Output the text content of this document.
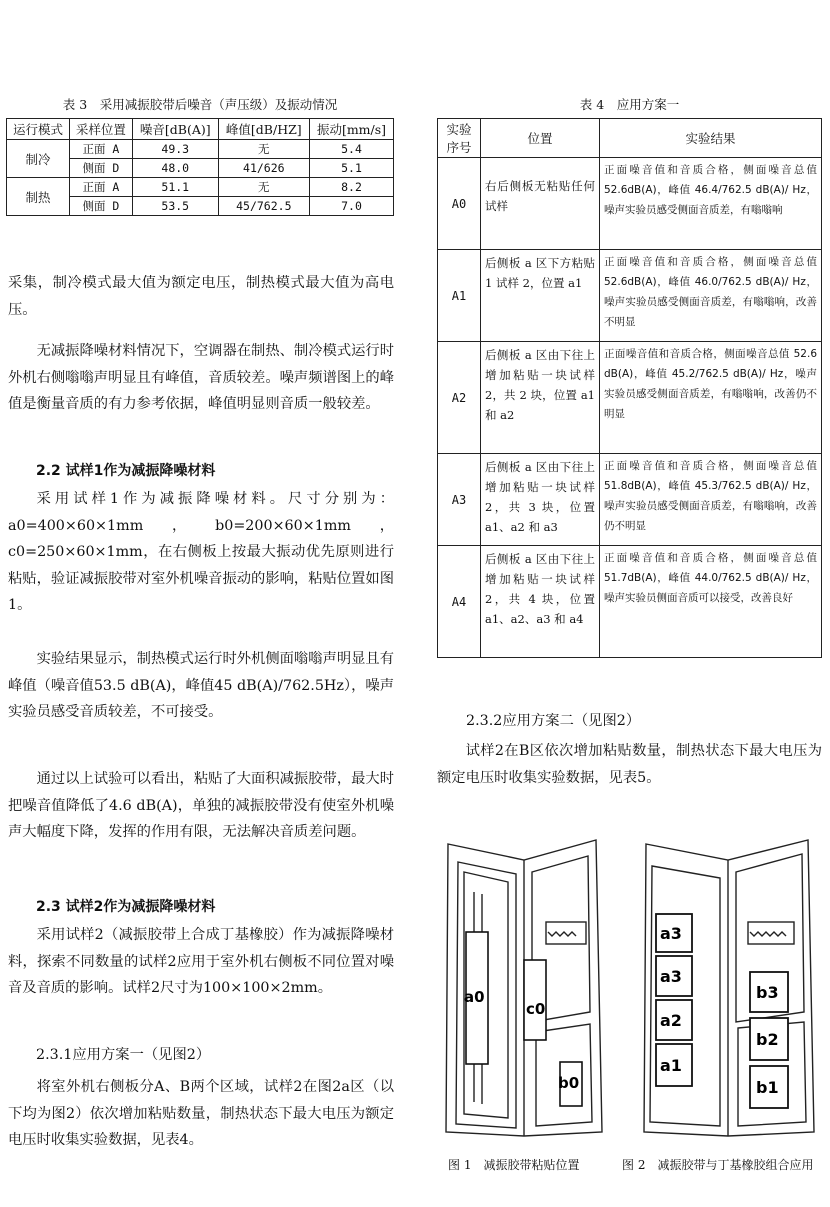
表 3　采用减振胶带后噪音（声压级）及振动情况
运行模式	采样位置	噪音[dB(A)]	峰值[dB/HZ]	振动[mm/s]
制冷	正面 A	49.3	无	5.4
	侧面 D	48.0	41/626	5.1
制热	正面 A	51.1	无	8.2
	侧面 D	53.5	45/762.5	7.0
表 4　应用方案一
实验序号	位置	实验结果
A0	右后侧板无粘贴任何试样	正面噪音值和音质合格，侧面噪音总值 52.6dB(A)，峰值 46.4/762.5 dB(A)/ Hz，噪声实验员感受侧面音质差，有嗡嗡响
A1	后侧板 a 区下方粘贴 1 试样 2，位置 a1	正面噪音值和音质合格，侧面噪音总值 52.6dB(A)，峰值 46.0/762.5 dB(A)/ Hz，噪声实验员感受侧面音质差，有嗡嗡响，改善不明显
A2	后侧板 a 区由下往上增加粘贴一块试样 2，共 2 块，位置 a1 和 a2	正面噪音值和音质合格，侧面噪音总值 52.6 dB(A)，峰值 45.2/762.5 dB(A)/ Hz，噪声实验员感受侧面音质差，有嗡嗡响，改善仍不明显
A3	后侧板 a 区由下往上增加粘贴一块试样 2，共 3 块，位置 a1、a2 和 a3	正面噪音值和音质合格，侧面噪音总值 51.8dB(A)，峰值 45.3/762.5 dB(A)/ Hz，噪声实验员感受侧面音质差，有嗡嗡响，改善仍不明显
A4	后侧板 a 区由下往上增加粘贴一块试样 2，共 4 块，位置 a1、a2、a3 和 a4	正面噪音值和音质合格，侧面噪音总值 51.7dB(A)，峰值 44.0/762.5 dB(A)/ Hz，噪声实验员侧面音质可以接受，改善良好
采集，制冷模式最大值为额定电压，制热模式最大值为高电压。
无减振降噪材料情况下，空调器在制热、制冷模式运行时外机右侧嗡嗡声明显且有峰值，音质较差。噪声频谱图上的峰值是衡量音质的有力参考依据，峰值明显则音质一般较差。
2.2 试样1作为减振降噪材料
采用试样1作为减振降噪材料。尺寸分别为：a0=400×60×1mm，b0=200×60×1mm，c0=250×60×1mm，在右侧板上按最大振动优先原则进行粘贴，验证减振胶带对室外机噪音振动的影响，粘贴位置如图1。
实验结果显示，制热模式运行时外机侧面嗡嗡声明显且有峰值（噪音值53.5 dB(A)，峰值45 dB(A)/762.5Hz），噪声实验员感受音质较差，不可接受。
通过以上试验可以看出，粘贴了大面积减振胶带，最大时把噪音值降低了4.6 dB(A)，单独的减振胶带没有使室外机噪声大幅度下降，发挥的作用有限，无法解决音质差问题。
2.3 试样2作为减振降噪材料
采用试样2（减振胶带上合成丁基橡胶）作为减振降噪材料，探索不同数量的试样2应用于室外机右侧板不同位置对噪音及音质的影响。试样2尺寸为100×100×2mm。
2.3.1应用方案一（见图2）
将室外机右侧板分A、B两个区域，试样2在图2a区（以下均为图2）依次增加粘贴数量，制热状态下最大电压为额定电压时收集实验数据，见表4。
2.3.2应用方案二（见图2）
试样2在B区依次增加粘贴数量，制热状态下最大电压为额定电压时收集实验数据，见表5。
a0
c0
b0
图 1　减振胶带粘贴位置
a3
a3
a2
a1
b3
b2
b1
图 2　减振胶带与丁基橡胶组合应用
